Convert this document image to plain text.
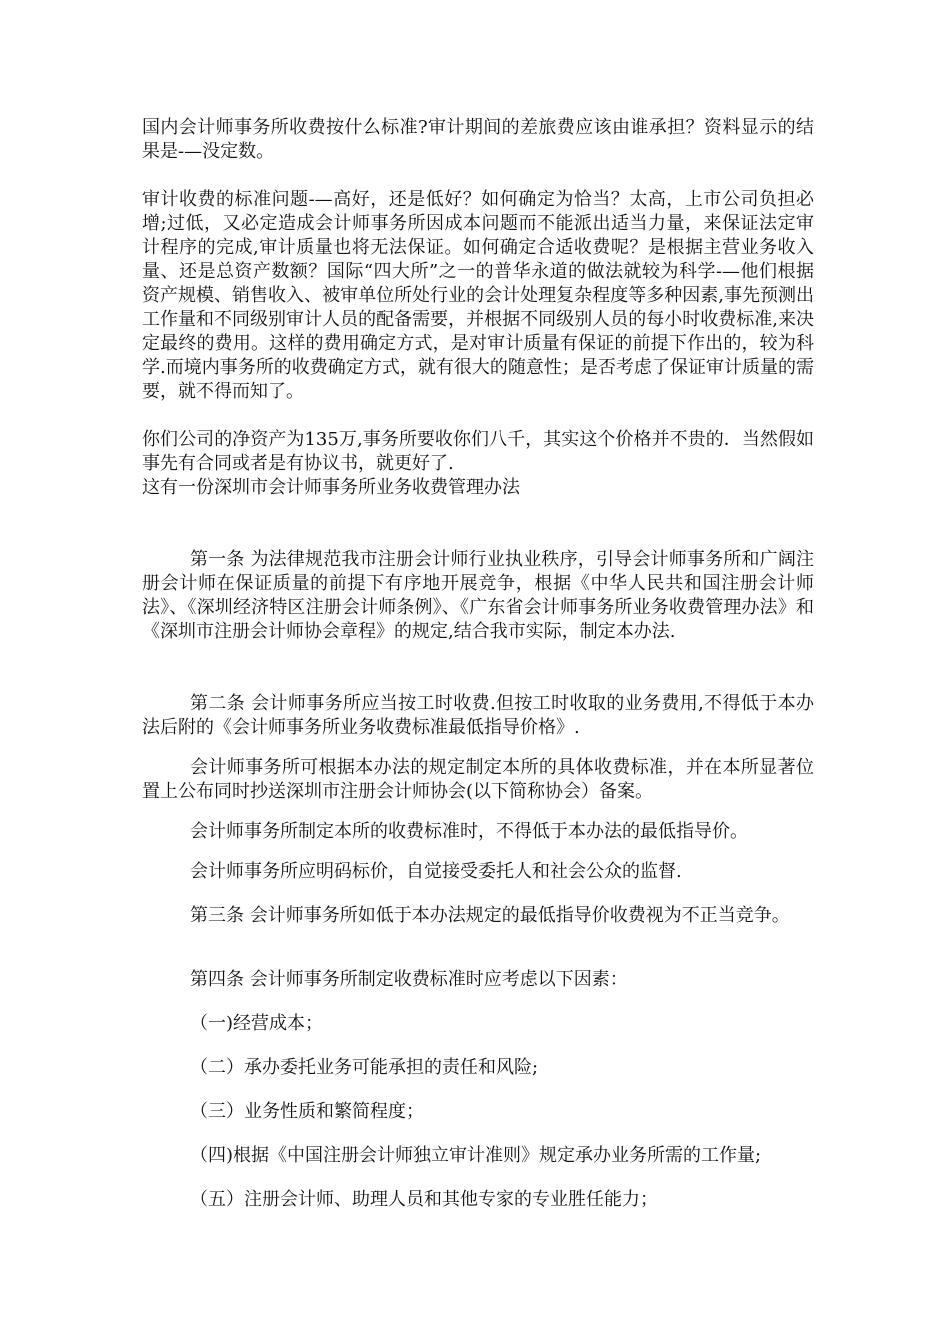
国内会计师事务所收费按什么标准?审计期间的差旅费应该由谁承担？资料显示的结果是-—没定数。

审计收费的标准问题-—高好，还是低好？如何确定为恰当？太高，上市公司负担必增;过低，又必定造成会计师事务所因成本问题而不能派出适当力量，来保证法定审计程序的完成,审计质量也将无法保证。如何确定合适收费呢？是根据主营业务收入量、还是总资产数额？国际“四大所”之一的普华永道的做法就较为科学-—他们根据资产规模、销售收入、被审单位所处行业的会计处理复杂程度等多种因素,事先预测出工作量和不同级别审计人员的配备需要，并根据不同级别人员的每小时收费标准,来决定最终的费用。这样的费用确定方式，是对审计质量有保证的前提下作出的，较为科学.而境内事务所的收费确定方式，就有很大的随意性；是否考虑了保证审计质量的需要，就不得而知了。

你们公司的净资产为135万,事务所要收你们八千，其实这个价格并不贵的．当然假如事先有合同或者是有协议书，就更好了.

这有一份深圳市会计师事务所业务收费管理办法

第一条 为法律规范我市注册会计师行业执业秩序，引导会计师事务所和广阔注册会计师在保证质量的前提下有序地开展竞争，根据《中华人民共和国注册会计师法》、《深圳经济特区注册会计师条例》、《广东省会计师事务所业务收费管理办法》和《深圳市注册会计师协会章程》的规定,结合我市实际，制定本办法.

第二条 会计师事务所应当按工时收费.但按工时收取的业务费用,不得低于本办法后附的《会计师事务所业务收费标准最低指导价格》.

会计师事务所可根据本办法的规定制定本所的具体收费标准，并在本所显著位置上公布同时抄送深圳市注册会计师协会(以下简称协会）备案。

会计师事务所制定本所的收费标准时，不得低于本办法的最低指导价。

会计师事务所应明码标价，自觉接受委托人和社会公众的监督.

第三条 会计师事务所如低于本办法规定的最低指导价收费视为不正当竞争。

第四条 会计师事务所制定收费标准时应考虑以下因素：

（一)经营成本；

（二）承办委托业务可能承担的责任和风险;

（三）业务性质和繁简程度；

（四)根据《中国注册会计师独立审计准则》规定承办业务所需的工作量;

（五）注册会计师、助理人员和其他专家的专业胜任能力；
